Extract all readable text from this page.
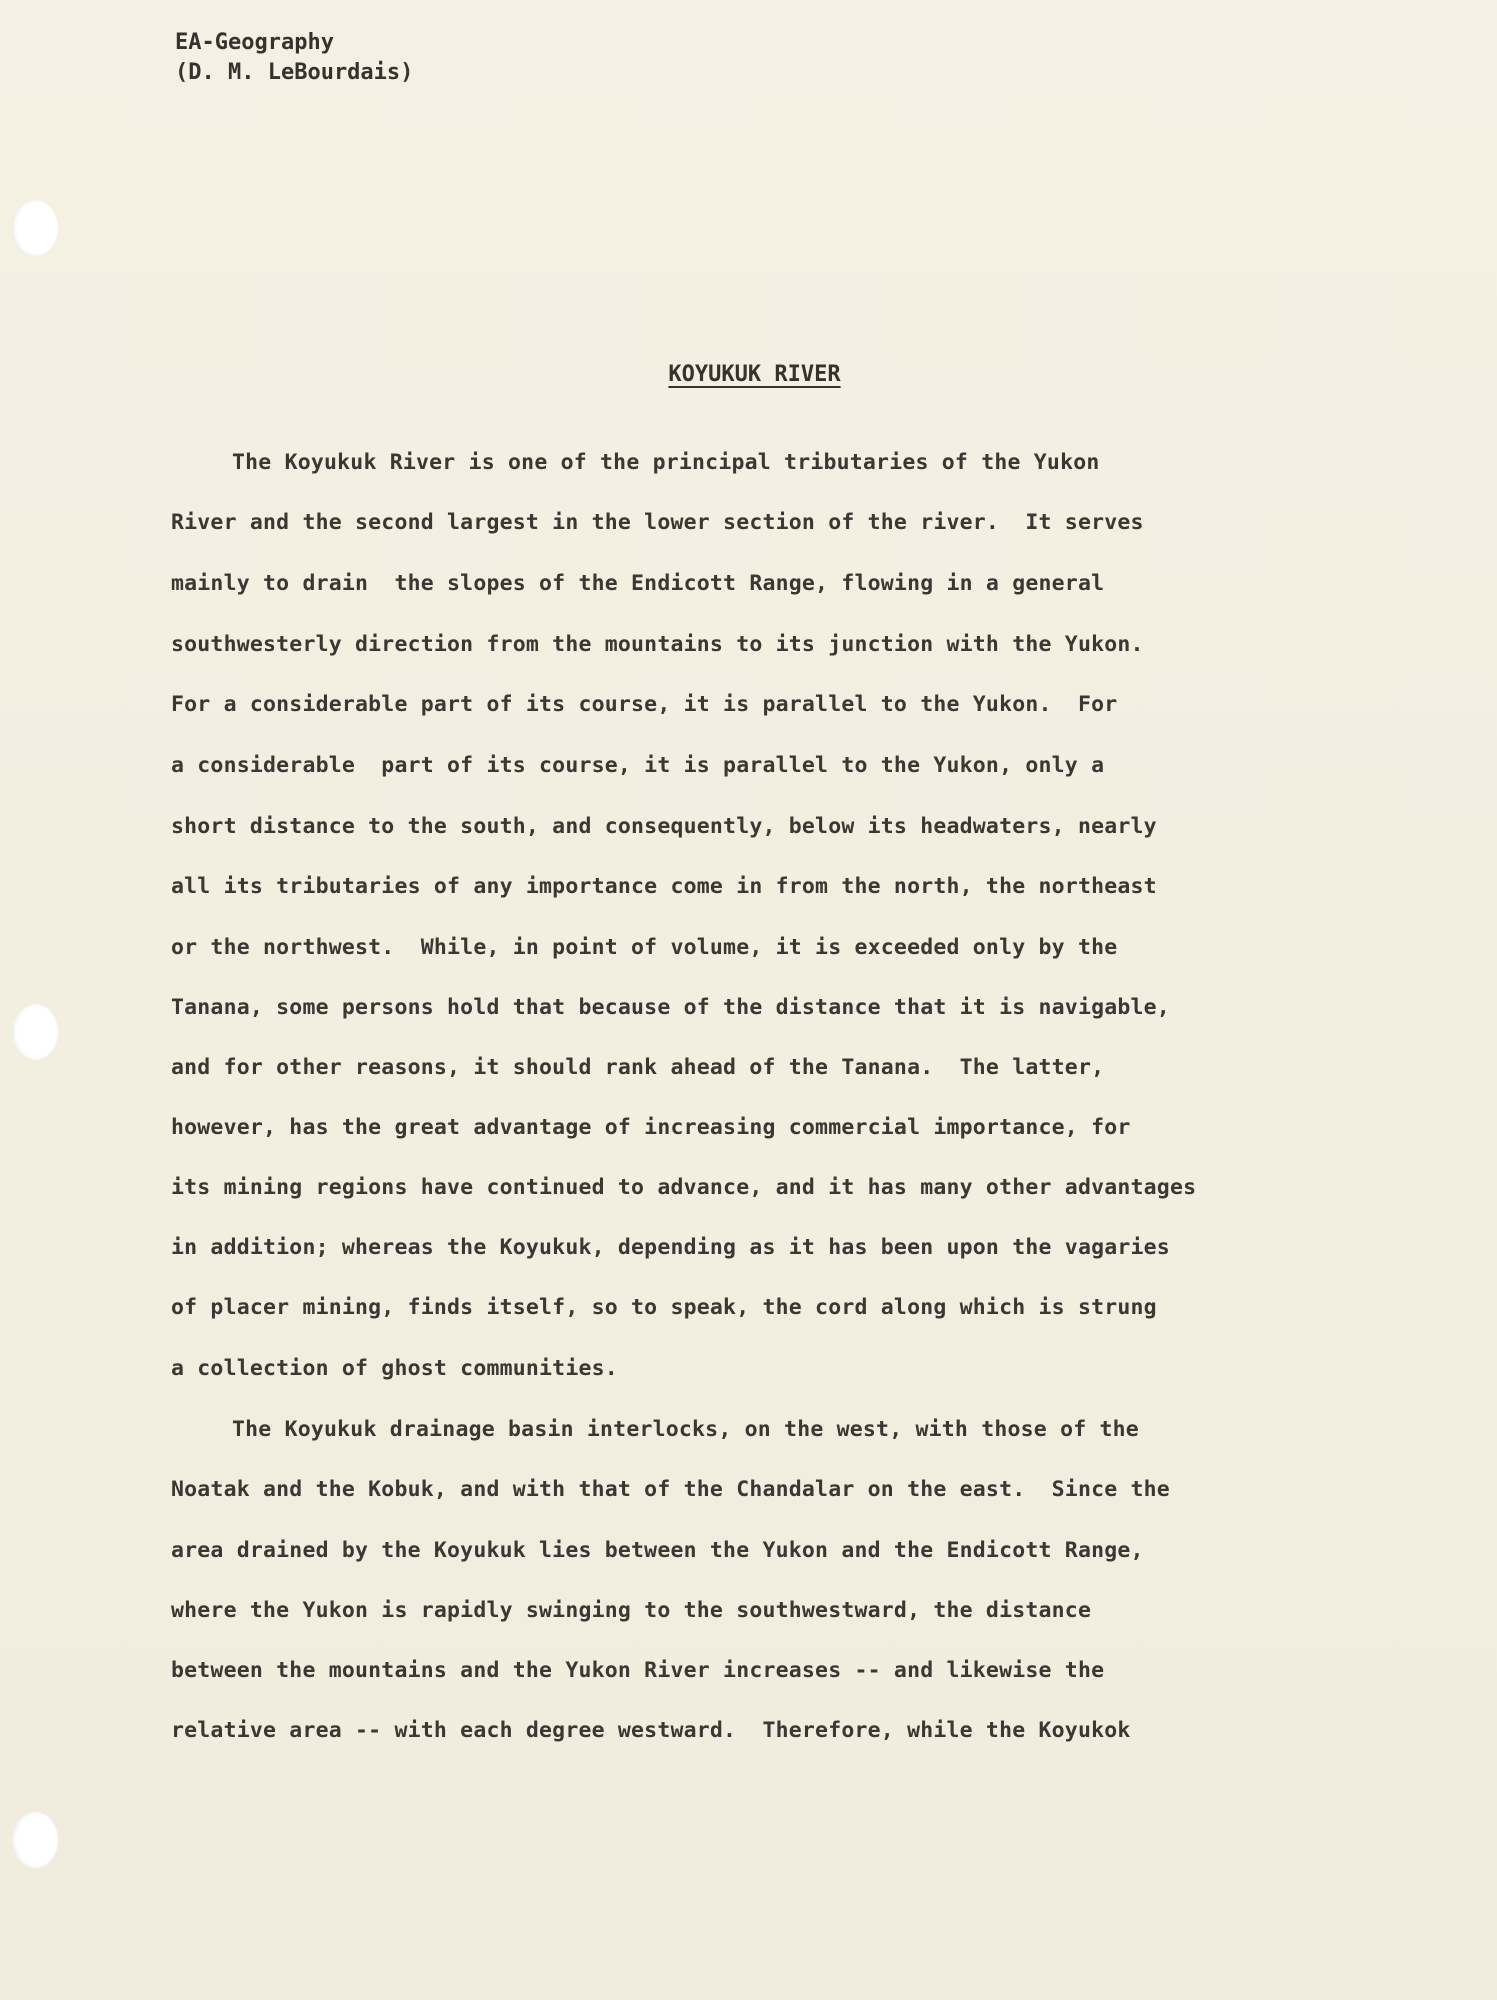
EA-Geography
(D. M. LeBourdais)
KOYUKUK RIVER
The Koyukuk River is one of the principal tributaries of the Yukon
River and the second largest in the lower section of the river.  It serves
mainly to drain  the slopes of the Endicott Range, flowing in a general
southwesterly direction from the mountains to its junction with the Yukon.
For a considerable part of its course, it is parallel to the Yukon.  For
a considerable  part of its course, it is parallel to the Yukon, only a
short distance to the south, and consequently, below its headwaters, nearly
all its tributaries of any importance come in from the north, the northeast
or the northwest.  While, in point of volume, it is exceeded only by the
Tanana, some persons hold that because of the distance that it is navigable,
and for other reasons, it should rank ahead of the Tanana.  The latter,
however, has the great advantage of increasing commercial importance, for
its mining regions have continued to advance, and it has many other advantages
in addition; whereas the Koyukuk, depending as it has been upon the vagaries
of placer mining, finds itself, so to speak, the cord along which is strung
a collection of ghost communities.
The Koyukuk drainage basin interlocks, on the west, with those of the
Noatak and the Kobuk, and with that of the Chandalar on the east.  Since the
area drained by the Koyukuk lies between the Yukon and the Endicott Range,
where the Yukon is rapidly swinging to the southwestward, the distance
between the mountains and the Yukon River increases -- and likewise the
relative area -- with each degree westward.  Therefore, while the Koyukok
